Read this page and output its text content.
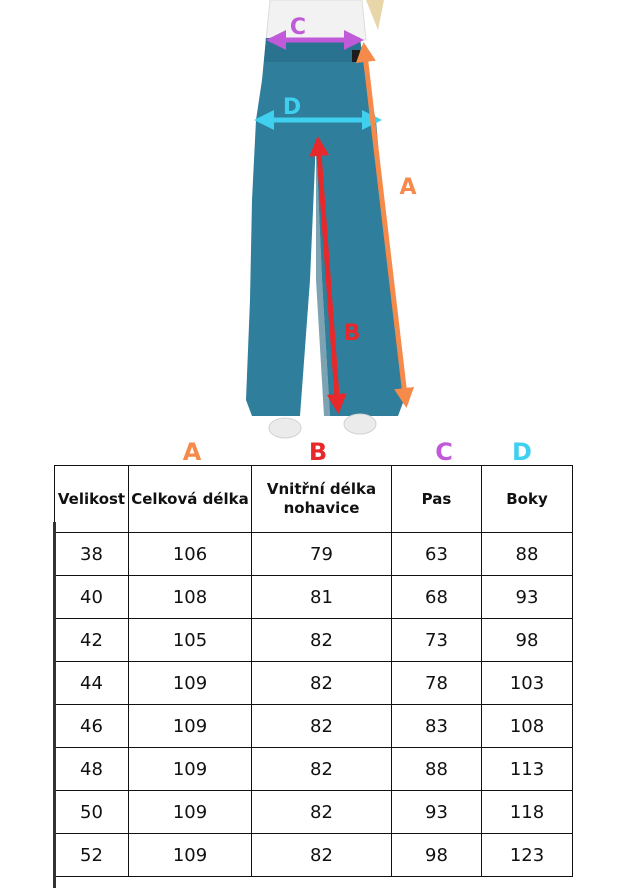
C
D
A
B
A	B	C	D
Velikost	Celková délka	Vnitřní délka nohavice	Pas	Boky
38	106	79	63	88
40	108	81	68	93
42	105	82	73	98
44	109	82	78	103
46	109	82	83	108
48	109	82	88	113
50	109	82	93	118
52	109	82	98	123
